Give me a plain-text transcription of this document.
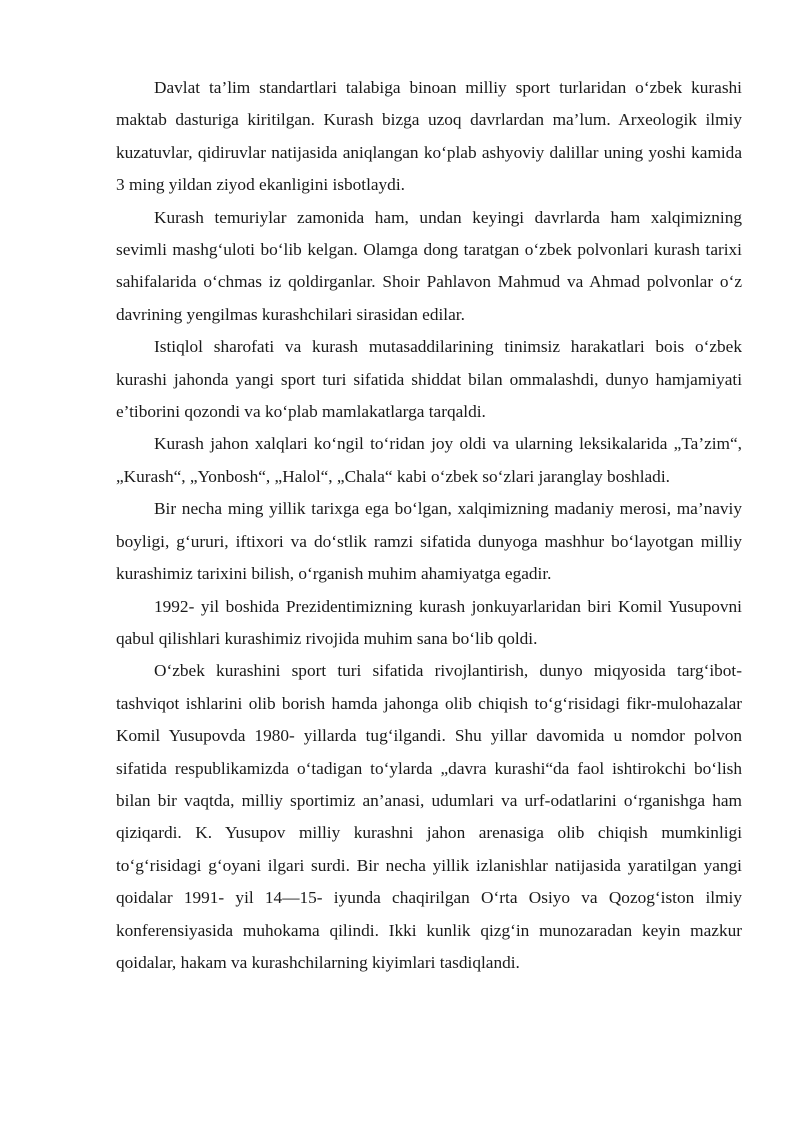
Davlat ta’lim standartlari talabiga binoan milliy sport turlaridan o‘zbek kurashi maktab dasturiga kiritilgan. Kurash bizga uzoq davrlardan ma’lum. Arxeologik ilmiy kuzatuvlar, qidiruvlar natijasida aniqlangan ko‘plab ashyoviy dalillar uning yoshi kamida 3 ming yildan ziyod ekanligini isbotlaydi.

Kurash temuriylar zamonida ham, undan keyingi davrlarda ham xalqimizning sevimli mashg‘uloti bo‘lib kelgan. Olamga dong taratgan o‘zbek polvonlari kurash tarixi sahifalarida o‘chmas iz qoldirganlar. Shoir Pahlavon Mahmud va Ahmad polvonlar o‘z davrining yengilmas kurashchilari sirasidan edilar.

Istiqlol sharofati va kurash mutasaddilarining tinimsiz harakatlari bois o‘zbek kurashi jahonda yangi sport turi sifatida shiddat bilan ommalashdi, dunyo hamjamiyati e’tiborini qozondi va ko‘plab mamlakatlarga tarqaldi.

Kurash jahon xalqlari ko‘ngil to‘ridan joy oldi va ularning leksikalarida „Ta’zim“, „Kurash“, „Yonbosh“, „Halol“, „Chala“ kabi o‘zbek so‘zlari jaranglay boshladi.

Bir necha ming yillik tarixga ega bo‘lgan, xalqimizning madaniy merosi, ma’naviy boyligi, g‘ururi, iftixori va do‘stlik ramzi sifatida dunyoga mashhur bo‘layotgan milliy kurashimiz tarixini bilish, o‘rganish muhim ahamiyatga egadir.

1992- yil boshida Prezidentimizning kurash jonkuyarlaridan biri Komil Yusupovni qabul qilishlari kurashimiz rivojida muhim sana bo‘lib qoldi.

O‘zbek kurashini sport turi sifatida rivojlantirish, dunyo miqyosida targ‘ibot-tashviqot ishlarini olib borish hamda jahonga olib chiqish to‘g‘risidagi fikr-mulohazalar Komil Yusupovda 1980- yillarda tug‘ilgandi. Shu yillar davomida u nomdor polvon sifatida respublikamizda o‘tadigan to‘ylarda „davra kurashi“da faol ishtirokchi bo‘lish bilan bir vaqtda, milliy sportimiz an’anasi, udumlari va urf-odatlarini o‘rganishga ham qiziqardi. K. Yusupov milliy kurashni jahon arenasiga olib chiqish mumkinligi to‘g‘risidagi g‘oyani ilgari surdi. Bir necha yillik izlanishlar natijasida yaratilgan yangi qoidalar 1991- yil 14—15- iyunda chaqirilgan O‘rta Osiyo va Qozog‘iston ilmiy konferensiyasida muhokama qilindi. Ikki kunlik qizg‘in munozaradan keyin mazkur qoidalar, hakam va kurashchilarning kiyimlari tasdiqlandi.
